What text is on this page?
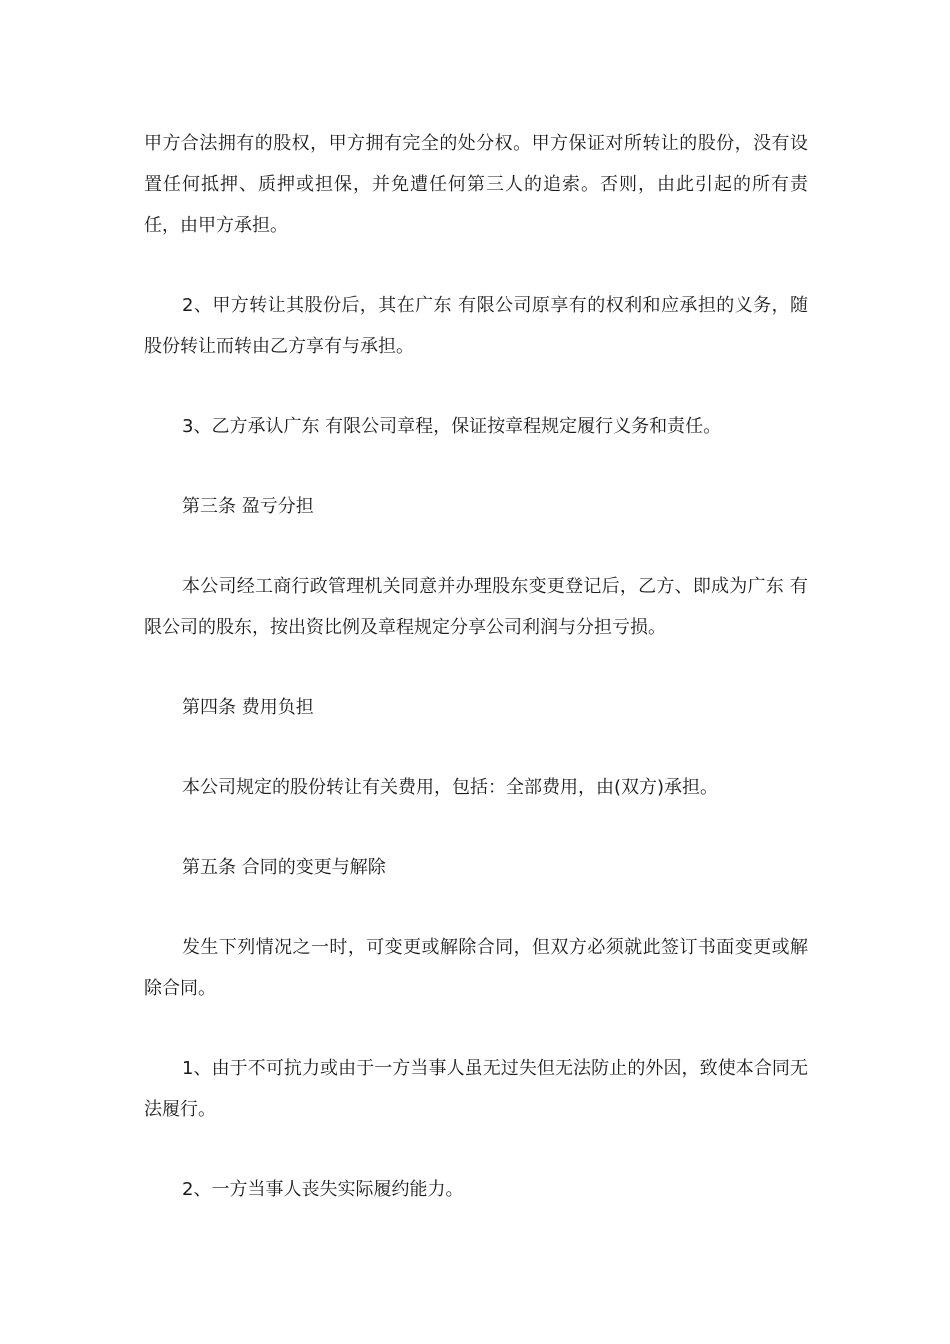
甲方合法拥有的股权，甲方拥有完全的处分权。甲方保证对所转让的股份，没有设置任何抵押、质押或担保，并免遭任何第三人的追索。否则，由此引起的所有责任，由甲方承担。

2、甲方转让其股份后，其在广东 有限公司原享有的权利和应承担的义务，随股份转让而转由乙方享有与承担。

3、乙方承认广东 有限公司章程，保证按章程规定履行义务和责任。

第三条 盈亏分担

本公司经工商行政管理机关同意并办理股东变更登记后，乙方、即成为广东 有限公司的股东，按出资比例及章程规定分享公司利润与分担亏损。

第四条 费用负担

本公司规定的股份转让有关费用，包括：全部费用，由(双方)承担。

第五条 合同的变更与解除

发生下列情况之一时，可变更或解除合同，但双方必须就此签订书面变更或解除合同。

1、由于不可抗力或由于一方当事人虽无过失但无法防止的外因，致使本合同无法履行。

2、一方当事人丧失实际履约能力。
